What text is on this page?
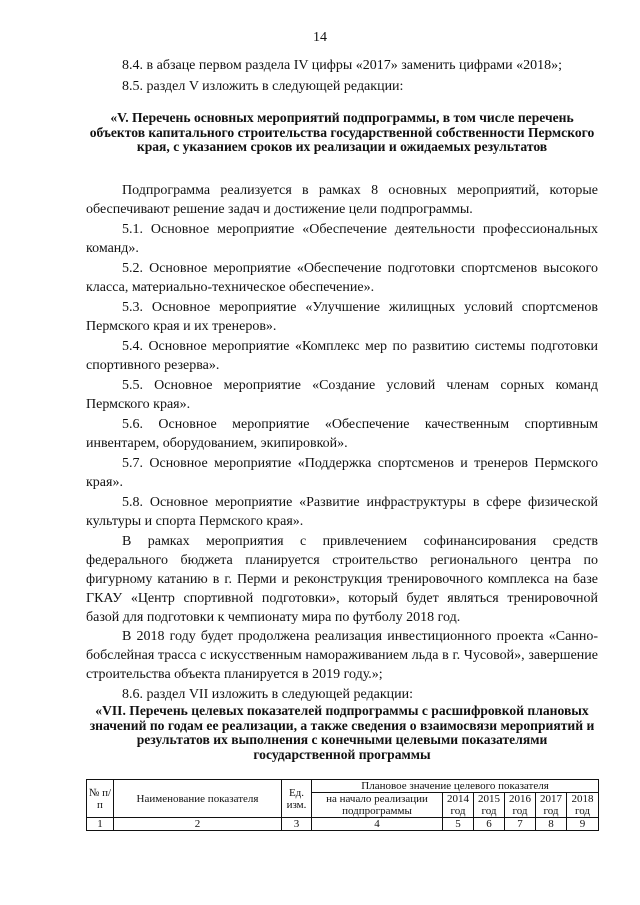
14

8.4. в абзаце первом раздела IV цифры «2017» заменить цифрами «2018»;

8.5. раздел V изложить в следующей редакции:

«V. Перечень основных мероприятий подпрограммы, в том числе перечень объектов капитального строительства государственной собственности Пермского края, с указанием сроков их реализации и ожидаемых результатов

Подпрограмма реализуется в рамках 8 основных мероприятий, которые обеспечивают решение задач и достижение цели подпрограммы.

5.1. Основное мероприятие «Обеспечение деятельности профессиональных команд».

5.2. Основное мероприятие «Обеспечение подготовки спортсменов высокого класса, материально-техническое обеспечение».

5.3. Основное мероприятие «Улучшение жилищных условий спортсменов Пермского края и их тренеров».

5.4. Основное мероприятие «Комплекс мер по развитию системы подготовки спортивного резерва».

5.5. Основное мероприятие «Создание условий членам сорных команд Пермского края».

5.6. Основное мероприятие «Обеспечение качественным спортивным инвентарем, оборудованием, экипировкой».

5.7. Основное мероприятие «Поддержка спортсменов и тренеров Пермского края».

5.8. Основное мероприятие «Развитие инфраструктуры в сфере физической культуры и спорта Пермского края».

В рамках мероприятия с привлечением софинансирования средств федерального бюджета планируется строительство регионального центра по фигурному катанию в г. Перми и реконструкция тренировочного комплекса на базе ГКАУ «Центр спортивной подготовки», который будет являться тренировочной базой для подготовки к чемпионату мира по футболу 2018 год.

В 2018 году будет продолжена реализация инвестиционного проекта «Санно-бобслейная трасса с искусственным намораживанием льда в г. Чусовой», завершение строительства объекта планируется в 2019 году.»;

8.6. раздел VII изложить в следующей редакции:

«VII. Перечень целевых показателей подпрограммы с расшифровкой плановых значений по годам ее реализации, а также сведения о взаимосвязи мероприятий и результатов их выполнения с конечными целевыми показателями государственной программы

№ п/п	Наименование показателя	Ед. изм.	Плановое значение целевого показателя					
			на начало реализации подпрограммы	2014 год	2015 год	2016 год	2017 год	2018 год
1	2	3	4	5	6	7	8	9
